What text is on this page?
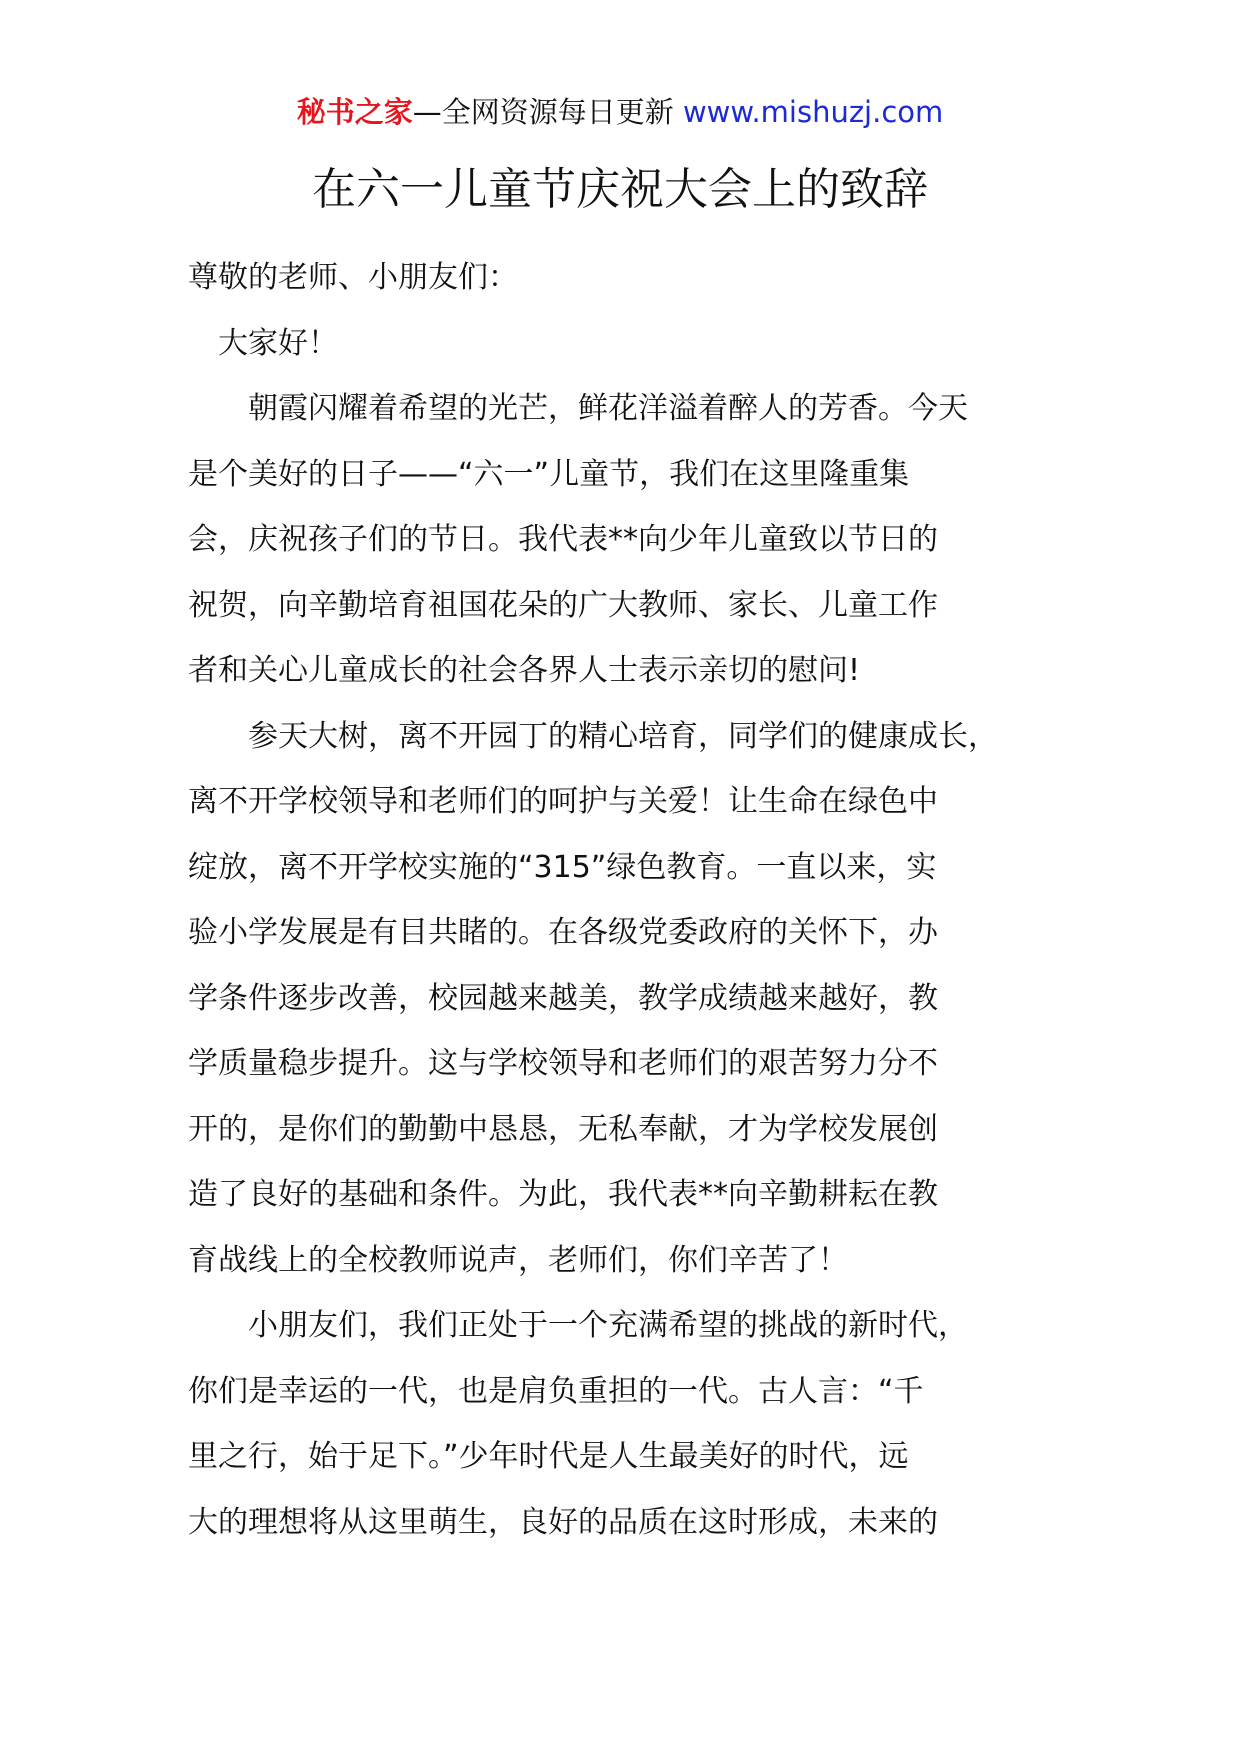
秘书之家—全网资源每日更新 www.mishuzj.com
在六一儿童节庆祝大会上的致辞
尊敬的老师、小朋友们：
　大家好！
　　朝霞闪耀着希望的光芒，鲜花洋溢着醉人的芳香。今天
是个美好的日子——“六一”儿童节，我们在这里隆重集
会，庆祝孩子们的节日。我代表**向少年儿童致以节日的
祝贺，向辛勤培育祖国花朵的广大教师、家长、儿童工作
者和关心儿童成长的社会各界人士表示亲切的慰问!
　　参天大树，离不开园丁的精心培育，同学们的健康成长，
离不开学校领导和老师们的呵护与关爱！让生命在绿色中
绽放，离不开学校实施的“315”绿色教育。一直以来，实
验小学发展是有目共睹的。在各级党委政府的关怀下，办
学条件逐步改善，校园越来越美，教学成绩越来越好，教
学质量稳步提升。这与学校领导和老师们的艰苦努力分不
开的，是你们的勤勤中恳恳，无私奉献，才为学校发展创
造了良好的基础和条件。为此，我代表**向辛勤耕耘在教
育战线上的全校教师说声，老师们，你们辛苦了！
　　小朋友们，我们正处于一个充满希望的挑战的新时代，
你们是幸运的一代，也是肩负重担的一代。古人言：“千
里之行，始于足下。”少年时代是人生最美好的时代，远
大的理想将从这里萌生，良好的品质在这时形成，未来的
